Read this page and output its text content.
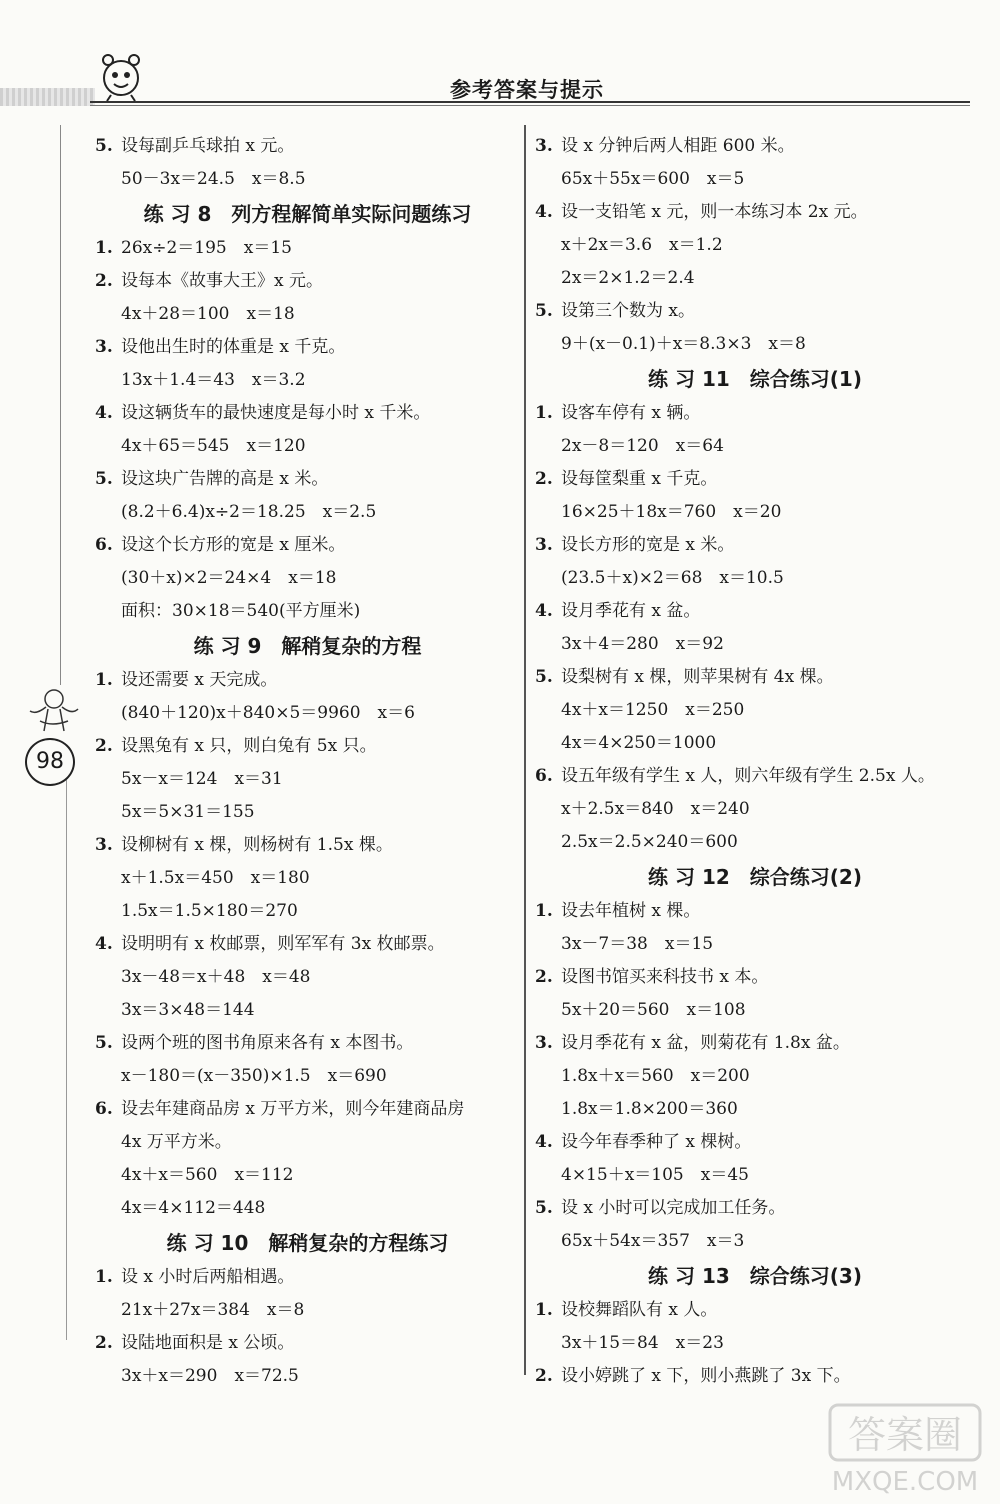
参考答案与提示
98
5. 设每副乒乓球拍 x 元。
50－3x＝24.5　x＝8.5
练 习 8　列方程解简单实际问题练习
1. 26x÷2＝195　x＝15
2. 设每本《故事大王》x 元。
4x＋28＝100　x＝18
3. 设他出生时的体重是 x 千克。
13x＋1.4＝43　x＝3.2
4. 设这辆货车的最快速度是每小时 x 千米。
4x＋65＝545　x＝120
5. 设这块广告牌的高是 x 米。
(8.2＋6.4)x÷2＝18.25　x＝2.5
6. 设这个长方形的宽是 x 厘米。
(30＋x)×2＝24×4　x＝18
面积：30×18＝540(平方厘米)
练 习 9　解稍复杂的方程
1. 设还需要 x 天完成。
(840＋120)x＋840×5＝9960　x＝6
2. 设黑兔有 x 只，则白兔有 5x 只。
5x－x＝124　x＝31
5x＝5×31＝155
3. 设柳树有 x 棵，则杨树有 1.5x 棵。
x＋1.5x＝450　x＝180
1.5x＝1.5×180＝270
4. 设明明有 x 枚邮票，则军军有 3x 枚邮票。
3x－48＝x＋48　x＝48
3x＝3×48＝144
5. 设两个班的图书角原来各有 x 本图书。
x－180＝(x－350)×1.5　x＝690
6. 设去年建商品房 x 万平方米，则今年建商品房
4x 万平方米。
4x＋x＝560　x＝112
4x＝4×112＝448
练 习 10　解稍复杂的方程练习
1. 设 x 小时后两船相遇。
21x＋27x＝384　x＝8
2. 设陆地面积是 x 公顷。
3x＋x＝290　x＝72.5
3. 设 x 分钟后两人相距 600 米。
65x＋55x＝600　x＝5
4. 设一支铅笔 x 元，则一本练习本 2x 元。
x＋2x＝3.6　x＝1.2
2x＝2×1.2＝2.4
5. 设第三个数为 x。
9＋(x－0.1)＋x＝8.3×3　x＝8
练 习 11　综合练习(1)
1. 设客车停有 x 辆。
2x－8＝120　x＝64
2. 设每筐梨重 x 千克。
16×25＋18x＝760　x＝20
3. 设长方形的宽是 x 米。
(23.5＋x)×2＝68　x＝10.5
4. 设月季花有 x 盆。
3x＋4＝280　x＝92
5. 设梨树有 x 棵，则苹果树有 4x 棵。
4x＋x＝1250　x＝250
4x＝4×250＝1000
6. 设五年级有学生 x 人，则六年级有学生 2.5x 人。
x＋2.5x＝840　x＝240
2.5x＝2.5×240＝600
练 习 12　综合练习(2)
1. 设去年植树 x 棵。
3x－7＝38　x＝15
2. 设图书馆买来科技书 x 本。
5x＋20＝560　x＝108
3. 设月季花有 x 盆，则菊花有 1.8x 盆。
1.8x＋x＝560　x＝200
1.8x＝1.8×200＝360
4. 设今年春季种了 x 棵树。
4×15＋x＝105　x＝45
5. 设 x 小时可以完成加工任务。
65x＋54x＝357　x＝3
练 习 13　综合练习(3)
1. 设校舞蹈队有 x 人。
3x＋15＝84　x＝23
2. 设小婷跳了 x 下，则小燕跳了 3x 下。
答案圈
MXQE.COM
